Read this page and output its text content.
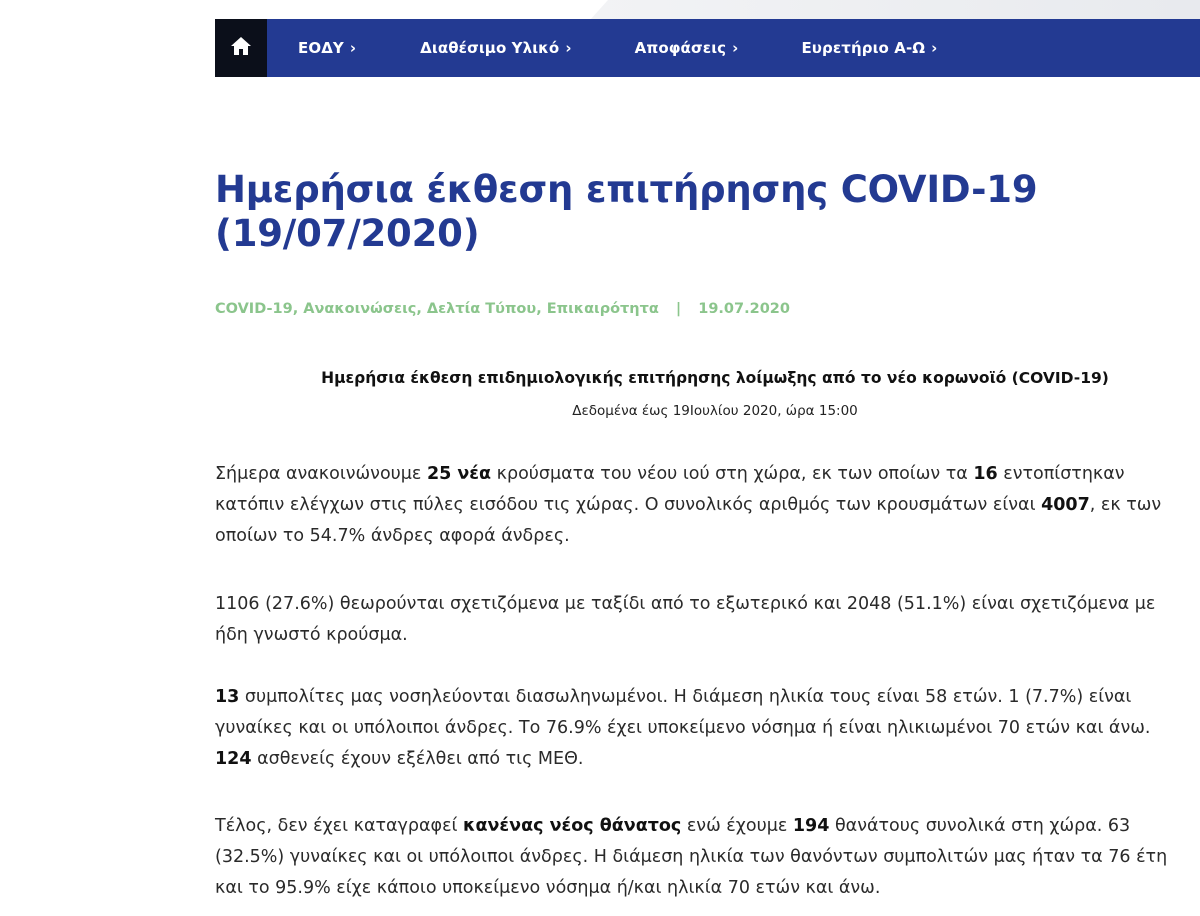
ΕΟΔΥ ›	Διαθέσιμο Υλικό ›	Αποφάσεις ›	Ευρετήριο Α-Ω ›
Ημερήσια έκθεση επιτήρησης COVID-19
(19/07/2020)
COVID-19, Ανακοινώσεις, Δελτία Τύπου, Επικαιρότητα | 19.07.2020
Ημερήσια έκθεση επιδημιολογικής επιτήρησης λοίμωξης από το νέο κορωνοϊό (COVID-19)
Δεδομένα έως 19Ιουλίου 2020, ώρα 15:00

Σήμερα ανακοινώνουμε 25 νέα κρούσματα του νέου ιού στη χώρα, εκ των οποίων τα 16 εντοπίστηκαν κατόπιν ελέγχων στις πύλες εισόδου τις χώρας. Ο συνολικός αριθμός των κρουσμάτων είναι 4007, εκ των οποίων το 54.7% άνδρες αφορά άνδρες.

1106 (27.6%) θεωρούνται σχετιζόμενα με ταξίδι από το εξωτερικό και 2048 (51.1%) είναι σχετιζόμενα με ήδη γνωστό κρούσμα.

13 συμπολίτες μας νοσηλεύονται διασωληνωμένοι. Η διάμεση ηλικία τους είναι 58 ετών. 1 (7.7%) είναι γυναίκες και οι υπόλοιποι άνδρες. Το 76.9% έχει υποκείμενο νόσημα ή είναι ηλικιωμένοι 70 ετών και άνω. 124 ασθενείς έχουν εξέλθει από τις ΜΕΘ.

Τέλος, δεν έχει καταγραφεί κανένας νέος θάνατος ενώ έχουμε 194 θανάτους συνολικά στη χώρα. 63 (32.5%) γυναίκες και οι υπόλοιποι άνδρες. Η διάμεση ηλικία των θανόντων συμπολιτών μας ήταν τα 76 έτη και το 95.9% είχε κάποιο υποκείμενο νόσημα ή/και ηλικία 70 ετών και άνω.
